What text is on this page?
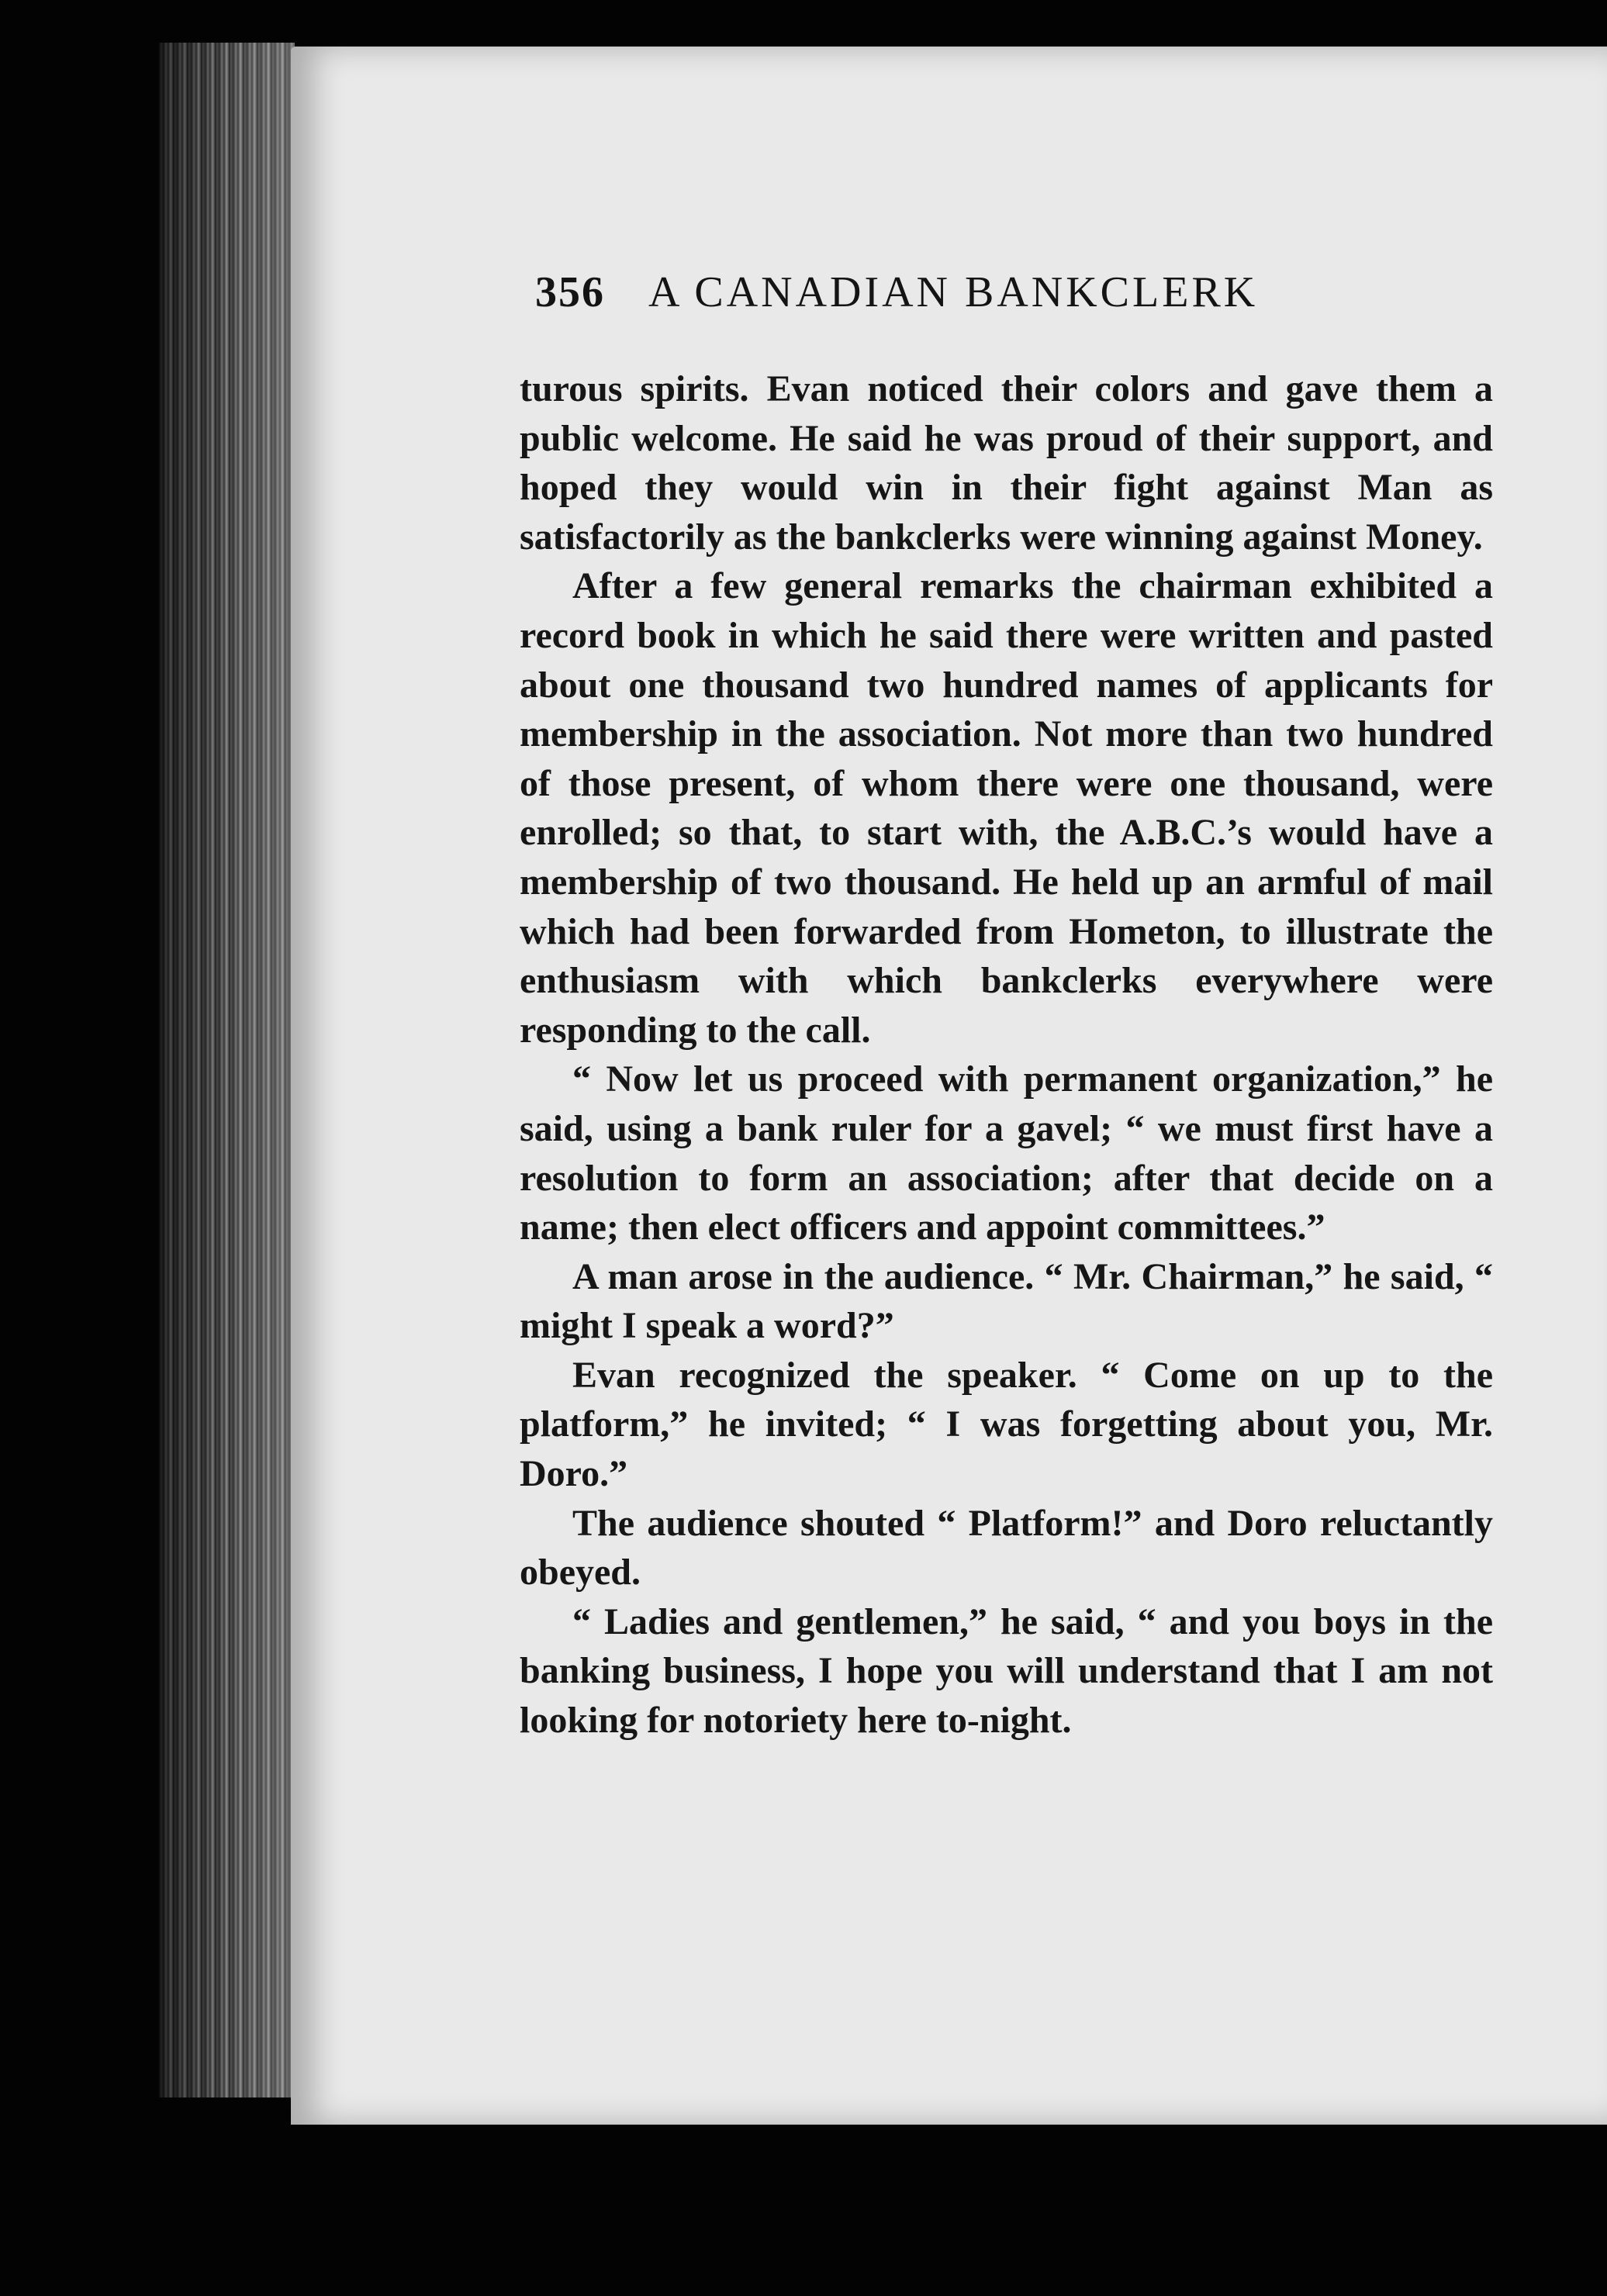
356 A CANADIAN BANKCLERK

turous spirits. Evan noticed their colors and gave them a public welcome. He said he was proud of their support, and hoped they would win in their fight against Man as satisfactorily as the bankclerks were winning against Money.

After a few general remarks the chairman exhibited a record book in which he said there were written and pasted about one thousand two hundred names of applicants for membership in the association. Not more than two hundred of those present, of whom there were one thousand, were enrolled; so that, to start with, the A.B.C.’s would have a membership of two thousand. He held up an armful of mail which had been forwarded from Hometon, to illustrate the enthusiasm with which bankclerks everywhere were responding to the call.

“ Now let us proceed with permanent organization,” he said, using a bank ruler for a gavel; “ we must first have a resolution to form an association; after that decide on a name; then elect officers and appoint committees.”

A man arose in the audience. “ Mr. Chairman,” he said, “ might I speak a word?”

Evan recognized the speaker. “ Come on up to the platform,” he invited; “ I was forgetting about you, Mr. Doro.”

The audience shouted “ Platform!” and Doro reluctantly obeyed.

“ Ladies and gentlemen,” he said, “ and you boys in the banking business, I hope you will understand that I am not looking for notoriety here to-night.
